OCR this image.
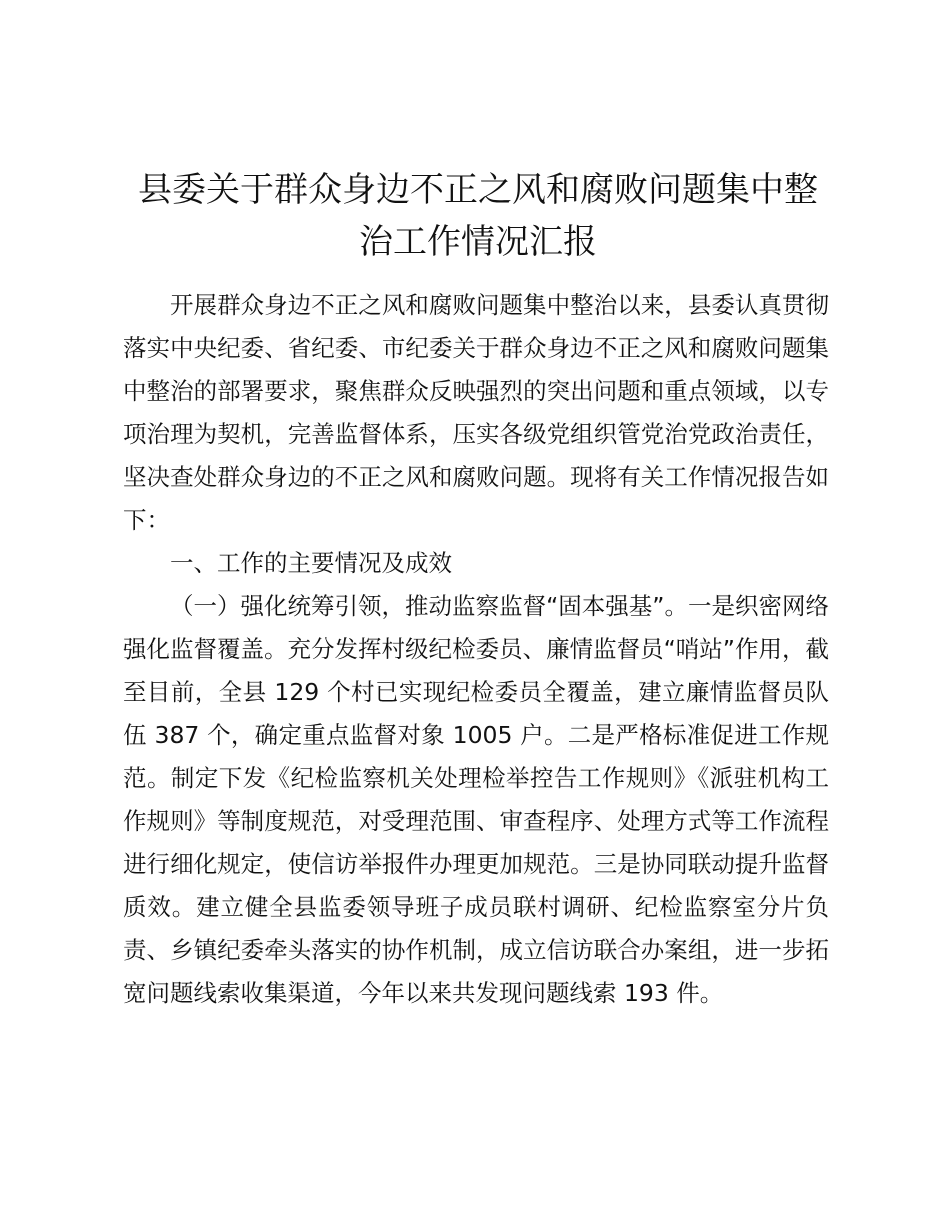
县委关于群众身边不正之风和腐败问题集中整治工作情况汇报

开展群众身边不正之风和腐败问题集中整治以来，县委认真贯彻落实中央纪委、省纪委、市纪委关于群众身边不正之风和腐败问题集中整治的部署要求，聚焦群众反映强烈的突出问题和重点领域，以专项治理为契机，完善监督体系，压实各级党组织管党治党政治责任，坚决查处群众身边的不正之风和腐败问题。现将有关工作情况报告如下：

一、工作的主要情况及成效

（一）强化统筹引领，推动监察监督“固本强基”。一是织密网络强化监督覆盖。充分发挥村级纪检委员、廉情监督员“哨站”作用，截至目前，全县 129 个村已实现纪检委员全覆盖，建立廉情监督员队伍 387 个，确定重点监督对象 1005 户。二是严格标准促进工作规范。制定下发《纪检监察机关处理检举控告工作规则》《派驻机构工作规则》等制度规范，对受理范围、审查程序、处理方式等工作流程进行细化规定，使信访举报件办理更加规范。三是协同联动提升监督质效。建立健全县监委领导班子成员联村调研、纪检监察室分片负责、乡镇纪委牵头落实的协作机制，成立信访联合办案组，进一步拓宽问题线索收集渠道，今年以来共发现问题线索 193 件。
